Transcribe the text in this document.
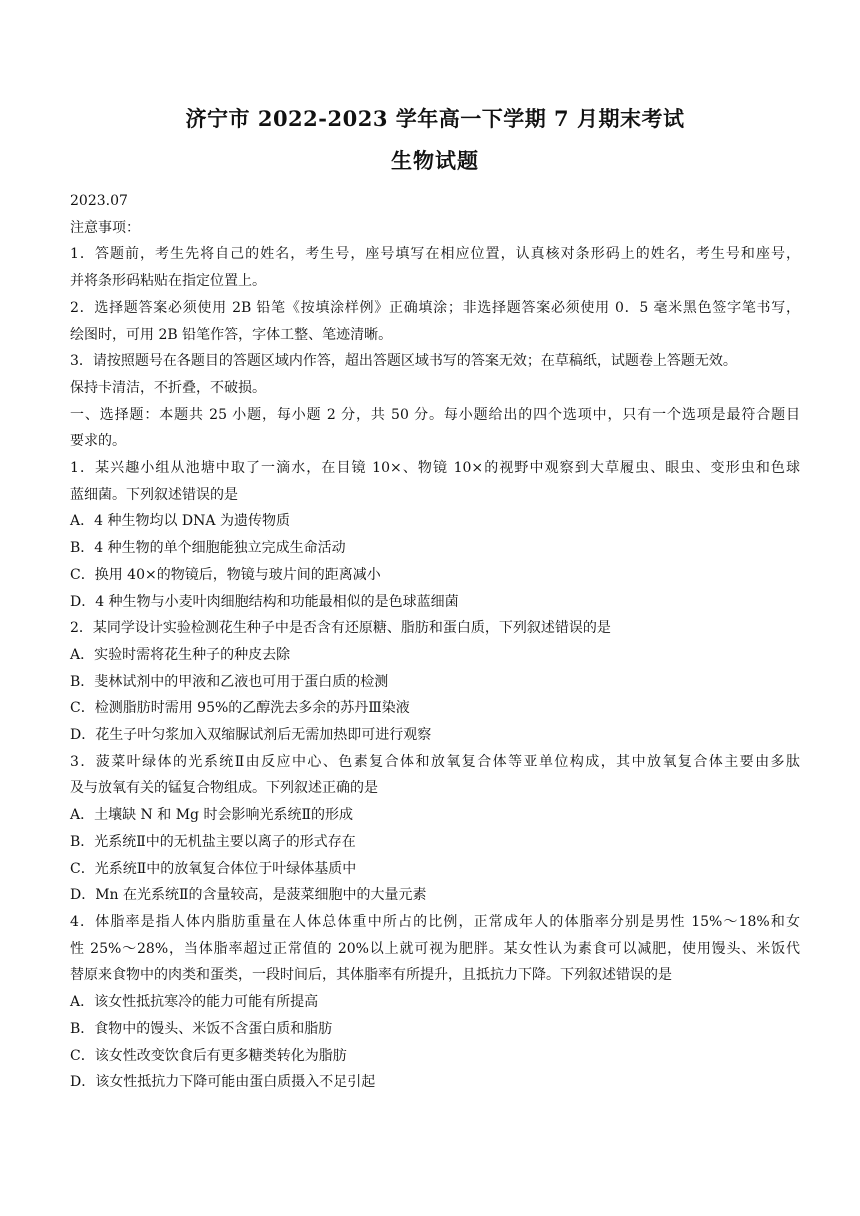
济宁市 2022-2023 学年高一下学期 7 月期末考试
生物试题

2023.07

注意事项：

1．答题前，考生先将自己的姓名，考生号，座号填写在相应位置，认真核对条形码上的姓名，考生号和座号，

并将条形码粘贴在指定位置上。

2．选择题答案必须使用 2B 铅笔《按填涂样例》正确填涂；非选择题答案必须使用 0．5 毫米黑色签字笔书写，

绘图时，可用 2B 铅笔作答，字体工整、笔迹清晰。

3．请按照题号在各题目的答题区域内作答，超出答题区域书写的答案无效；在草稿纸，试题卷上答题无效。

保持卡清洁，不折叠，不破损。

一、选择题：本题共 25 小题，每小题 2 分，共 50 分。每小题给出的四个选项中，只有一个选项是最符合题目

要求的。

1．某兴趣小组从池塘中取了一滴水，在目镜 10×、物镜 10×的视野中观察到大草履虫、眼虫、变形虫和色球

蓝细菌。下列叙述错误的是

A．4 种生物均以 DNA 为遗传物质

B．4 种生物的单个细胞能独立完成生命活动

C．换用 40×的物镜后，物镜与玻片间的距离减小

D．4 种生物与小麦叶肉细胞结构和功能最相似的是色球蓝细菌

2．某同学设计实验检测花生种子中是否含有还原糖、脂肪和蛋白质，下列叙述错误的是

A．实验时需将花生种子的种皮去除

B．斐林试剂中的甲液和乙液也可用于蛋白质的检测

C．检测脂肪时需用 95%的乙醇洗去多余的苏丹Ⅲ染液

D．花生子叶匀浆加入双缩脲试剂后无需加热即可进行观察

3．菠菜叶绿体的光系统Ⅱ由反应中心、色素复合体和放氧复合体等亚单位构成，其中放氧复合体主要由多肽

及与放氧有关的锰复合物组成。下列叙述正确的是

A．土壤缺 N 和 Mg 时会影响光系统Ⅱ的形成

B．光系统Ⅱ中的无机盐主要以离子的形式存在

C．光系统Ⅱ中的放氧复合体位于叶绿体基质中

D．Mn 在光系统Ⅱ的含量较高，是菠菜细胞中的大量元素

4．体脂率是指人体内脂肪重量在人体总体重中所占的比例，正常成年人的体脂率分别是男性 15%～18%和女

性 25%～28%，当体脂率超过正常值的 20%以上就可视为肥胖。某女性认为素食可以减肥，使用馒头、米饭代

替原来食物中的肉类和蛋类，一段时间后，其体脂率有所提升，且抵抗力下降。下列叙述错误的是

A．该女性抵抗寒冷的能力可能有所提高

B．食物中的馒头、米饭不含蛋白质和脂肪

C．该女性改变饮食后有更多糖类转化为脂肪

D．该女性抵抗力下降可能由蛋白质摄入不足引起
